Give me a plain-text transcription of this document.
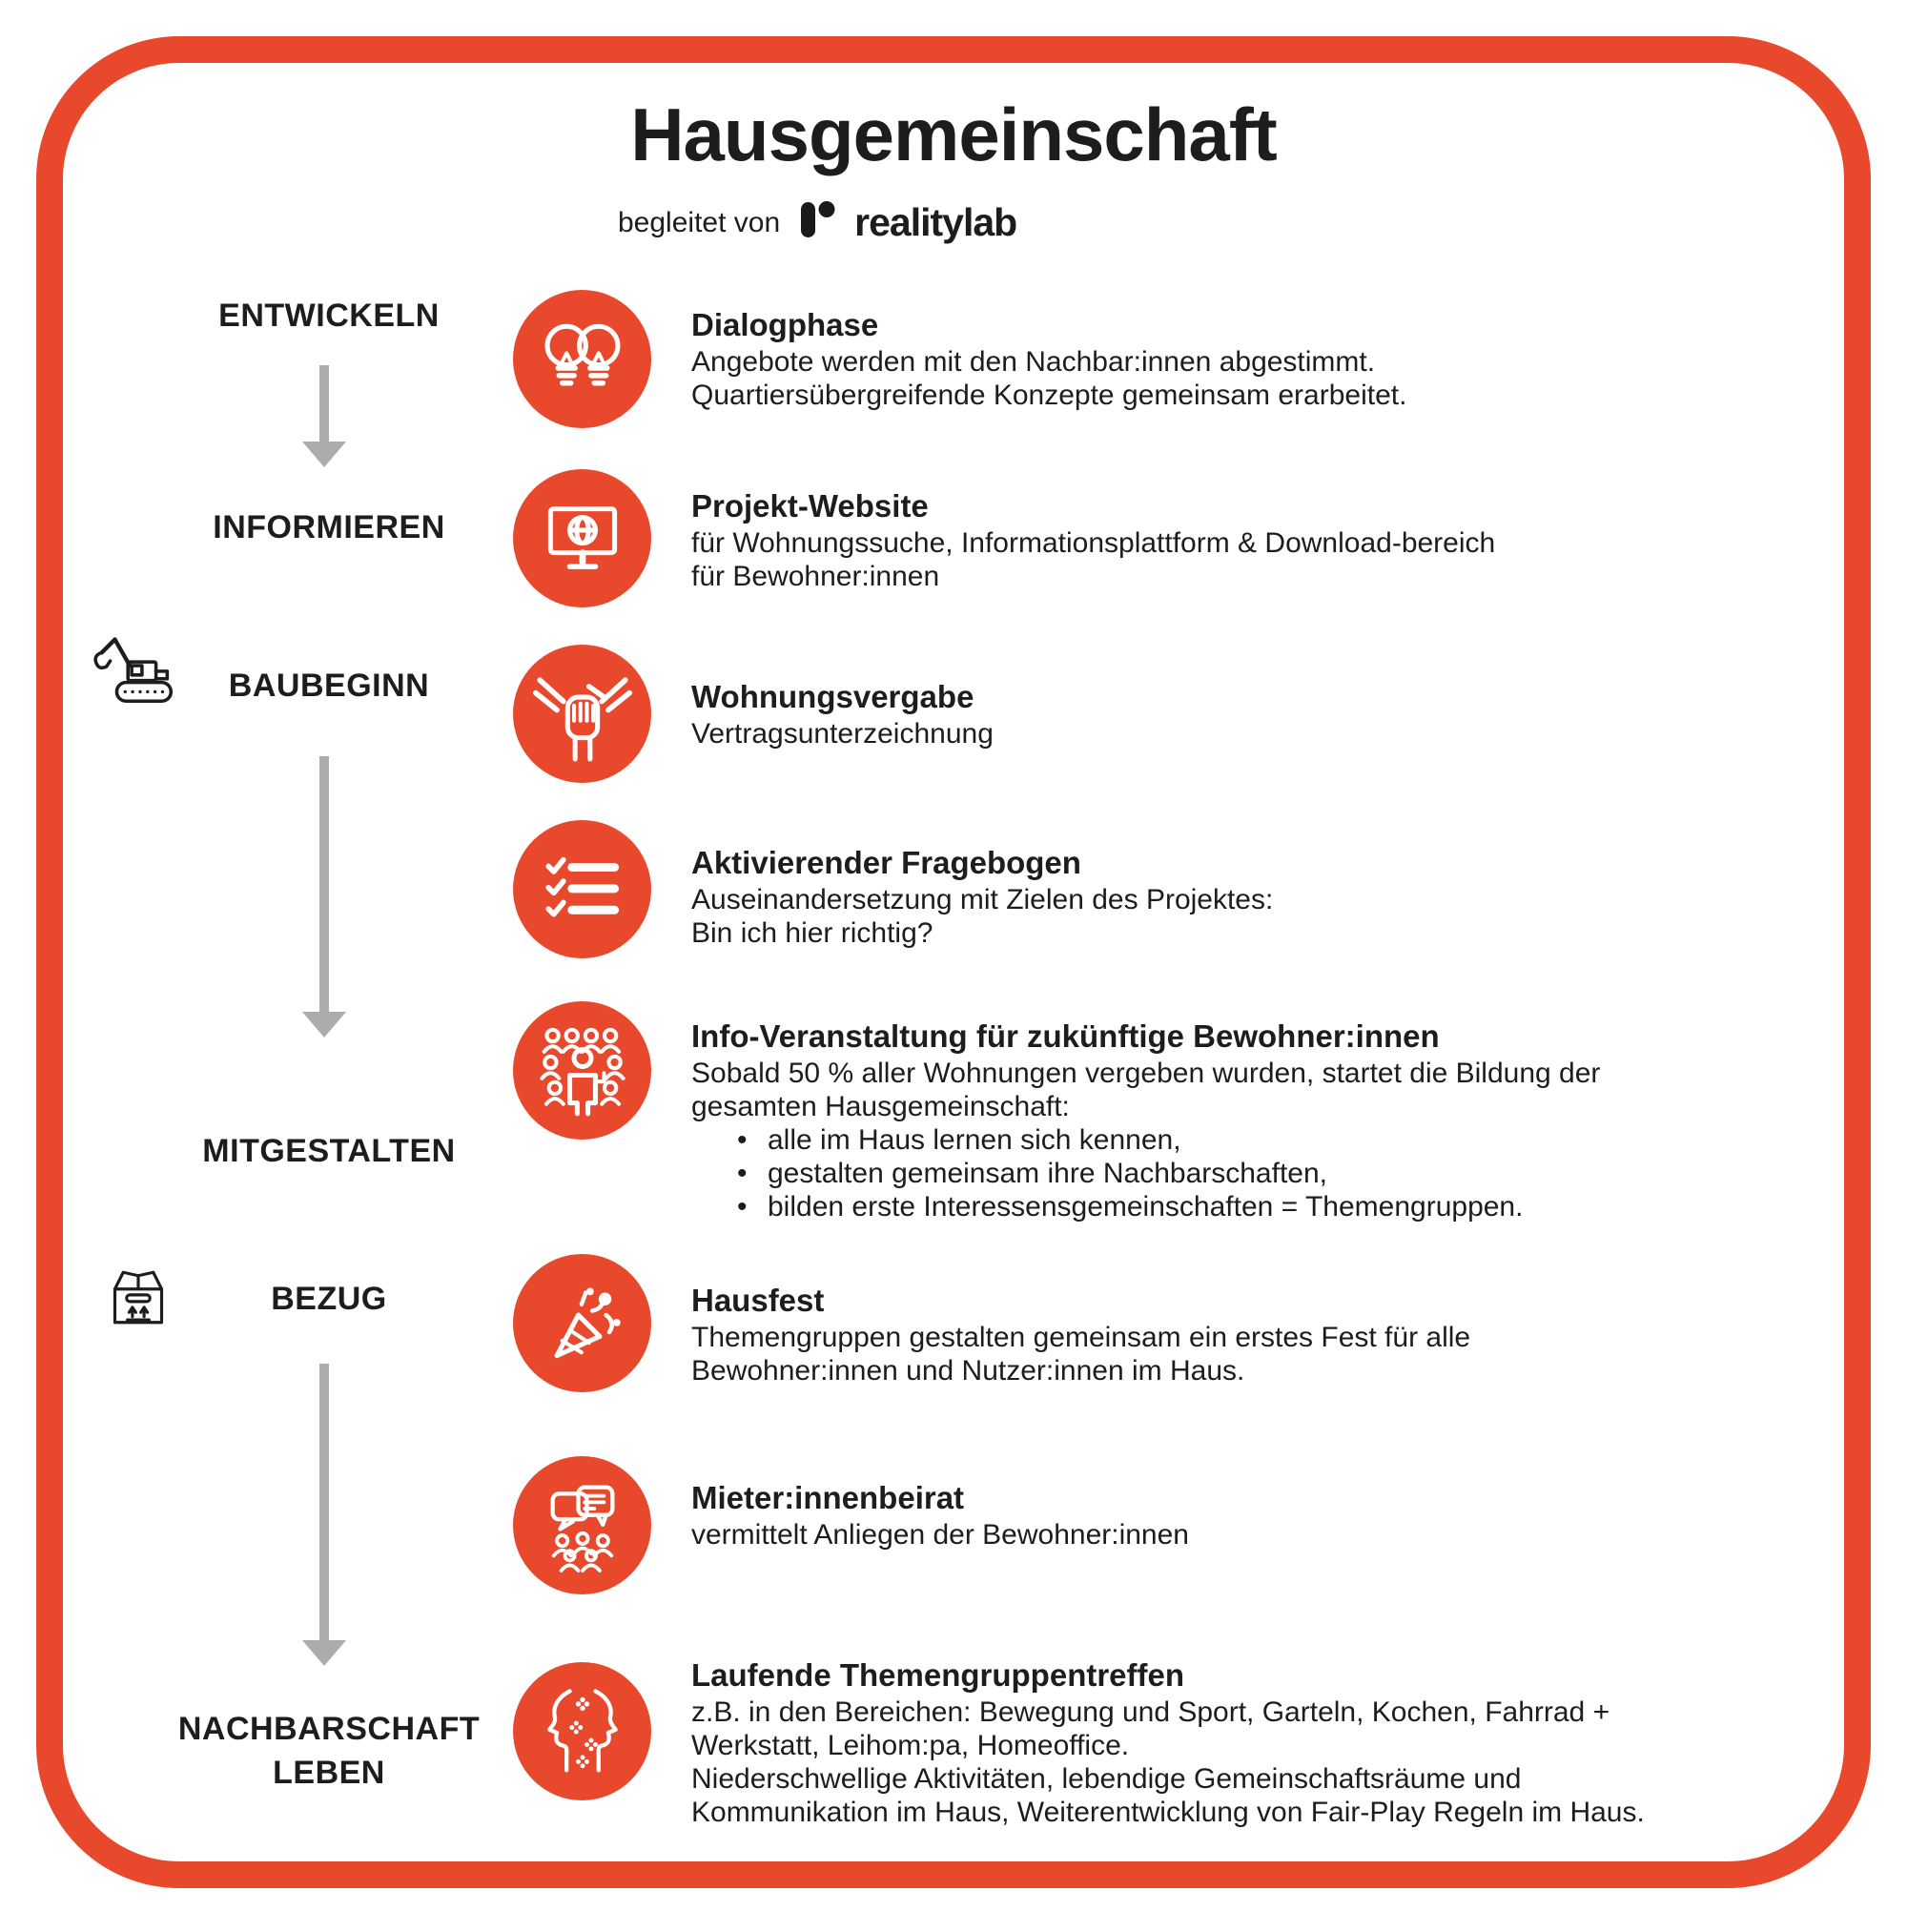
Hausgemeinschaft
begleitet von realitylab
ENTWICKELN
INFORMIEREN
BAUBEGINN
MITGESTALTEN
BEZUG
NACHBARSCHAFT
LEBEN
Dialogphase
Angebote werden mit den Nachbar:innen abgestimmt.
Quartiersübergreifende Konzepte gemeinsam erarbeitet.
Projekt-Website
für Wohnungssuche, Informationsplattform & Download-bereich
für Bewohner:innen
Wohnungsvergabe
Vertragsunterzeichnung
Aktivierender Fragebogen
Auseinandersetzung mit Zielen des Projektes:
Bin ich hier richtig?
Info-Veranstaltung für zukünftige Bewohner:innen
Sobald 50 % aller Wohnungen vergeben wurden, startet die Bildung der
gesamten Hausgemeinschaft:
• alle im Haus lernen sich kennen,
• gestalten gemeinsam ihre Nachbarschaften,
• bilden erste Interessensgemeinschaften = Themengruppen.
Hausfest
Themengruppen gestalten gemeinsam ein erstes Fest für alle
Bewohner:innen und Nutzer:innen im Haus.
Mieter:innenbeirat
vermittelt Anliegen der Bewohner:innen
Laufende Themengruppentreffen
z.B. in den Bereichen: Bewegung und Sport, Garteln, Kochen, Fahrrad +
Werkstatt, Leihom:pa, Homeoffice.
Niederschwellige Aktivitäten, lebendige Gemeinschaftsräume und
Kommunikation im Haus, Weiterentwicklung von Fair-Play Regeln im Haus.
